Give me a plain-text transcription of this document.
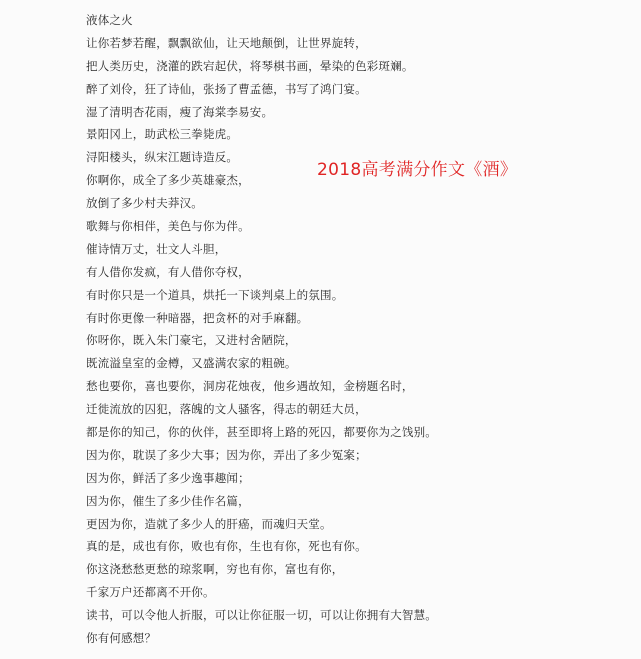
液体之火
让你若梦若醒，飘飘欲仙，让天地颠倒，让世界旋转，
把人类历史，浇灌的跌宕起伏，将琴棋书画，晕染的色彩斑斓。
醉了刘伶，狂了诗仙，张扬了曹孟德，书写了鸿门宴。
湿了清明杏花雨，瘦了海棠李易安。
景阳冈上，助武松三拳毙虎。
浔阳楼头，纵宋江题诗造反。
你啊你，成全了多少英雄豪杰，
放倒了多少村夫莽汉。
歌舞与你相伴，美色与你为伴。
催诗情万丈，壮文人斗胆，
有人借你发疯，有人借你夺权，
有时你只是一个道具，烘托一下谈判桌上的氛围。
有时你更像一种暗器，把贪杯的对手麻翻。
你呀你，既入朱门豪宅，又进村舍陋院，
既流溢皇室的金樽，又盛满农家的粗碗。
愁也要你，喜也要你，洞房花烛夜，他乡遇故知，金榜题名时，
迁徙流放的囚犯，落魄的文人骚客，得志的朝廷大员，
都是你的知己，你的伙伴，甚至即将上路的死囚，都要你为之饯别。
因为你，耽误了多少大事；因为你，弄出了多少冤案；
因为你，鲜活了多少逸事趣闻；
因为你，催生了多少佳作名篇，
更因为你，造就了多少人的肝癌，而魂归天堂。
真的是，成也有你，败也有你，生也有你，死也有你。
你这浇愁愁更愁的琼浆啊，穷也有你，富也有你，
千家万户还都离不开你。
读书，可以令他人折服，可以让你征服一切，可以让你拥有大智慧。
你有何感想？
2018高考满分作文《酒》
